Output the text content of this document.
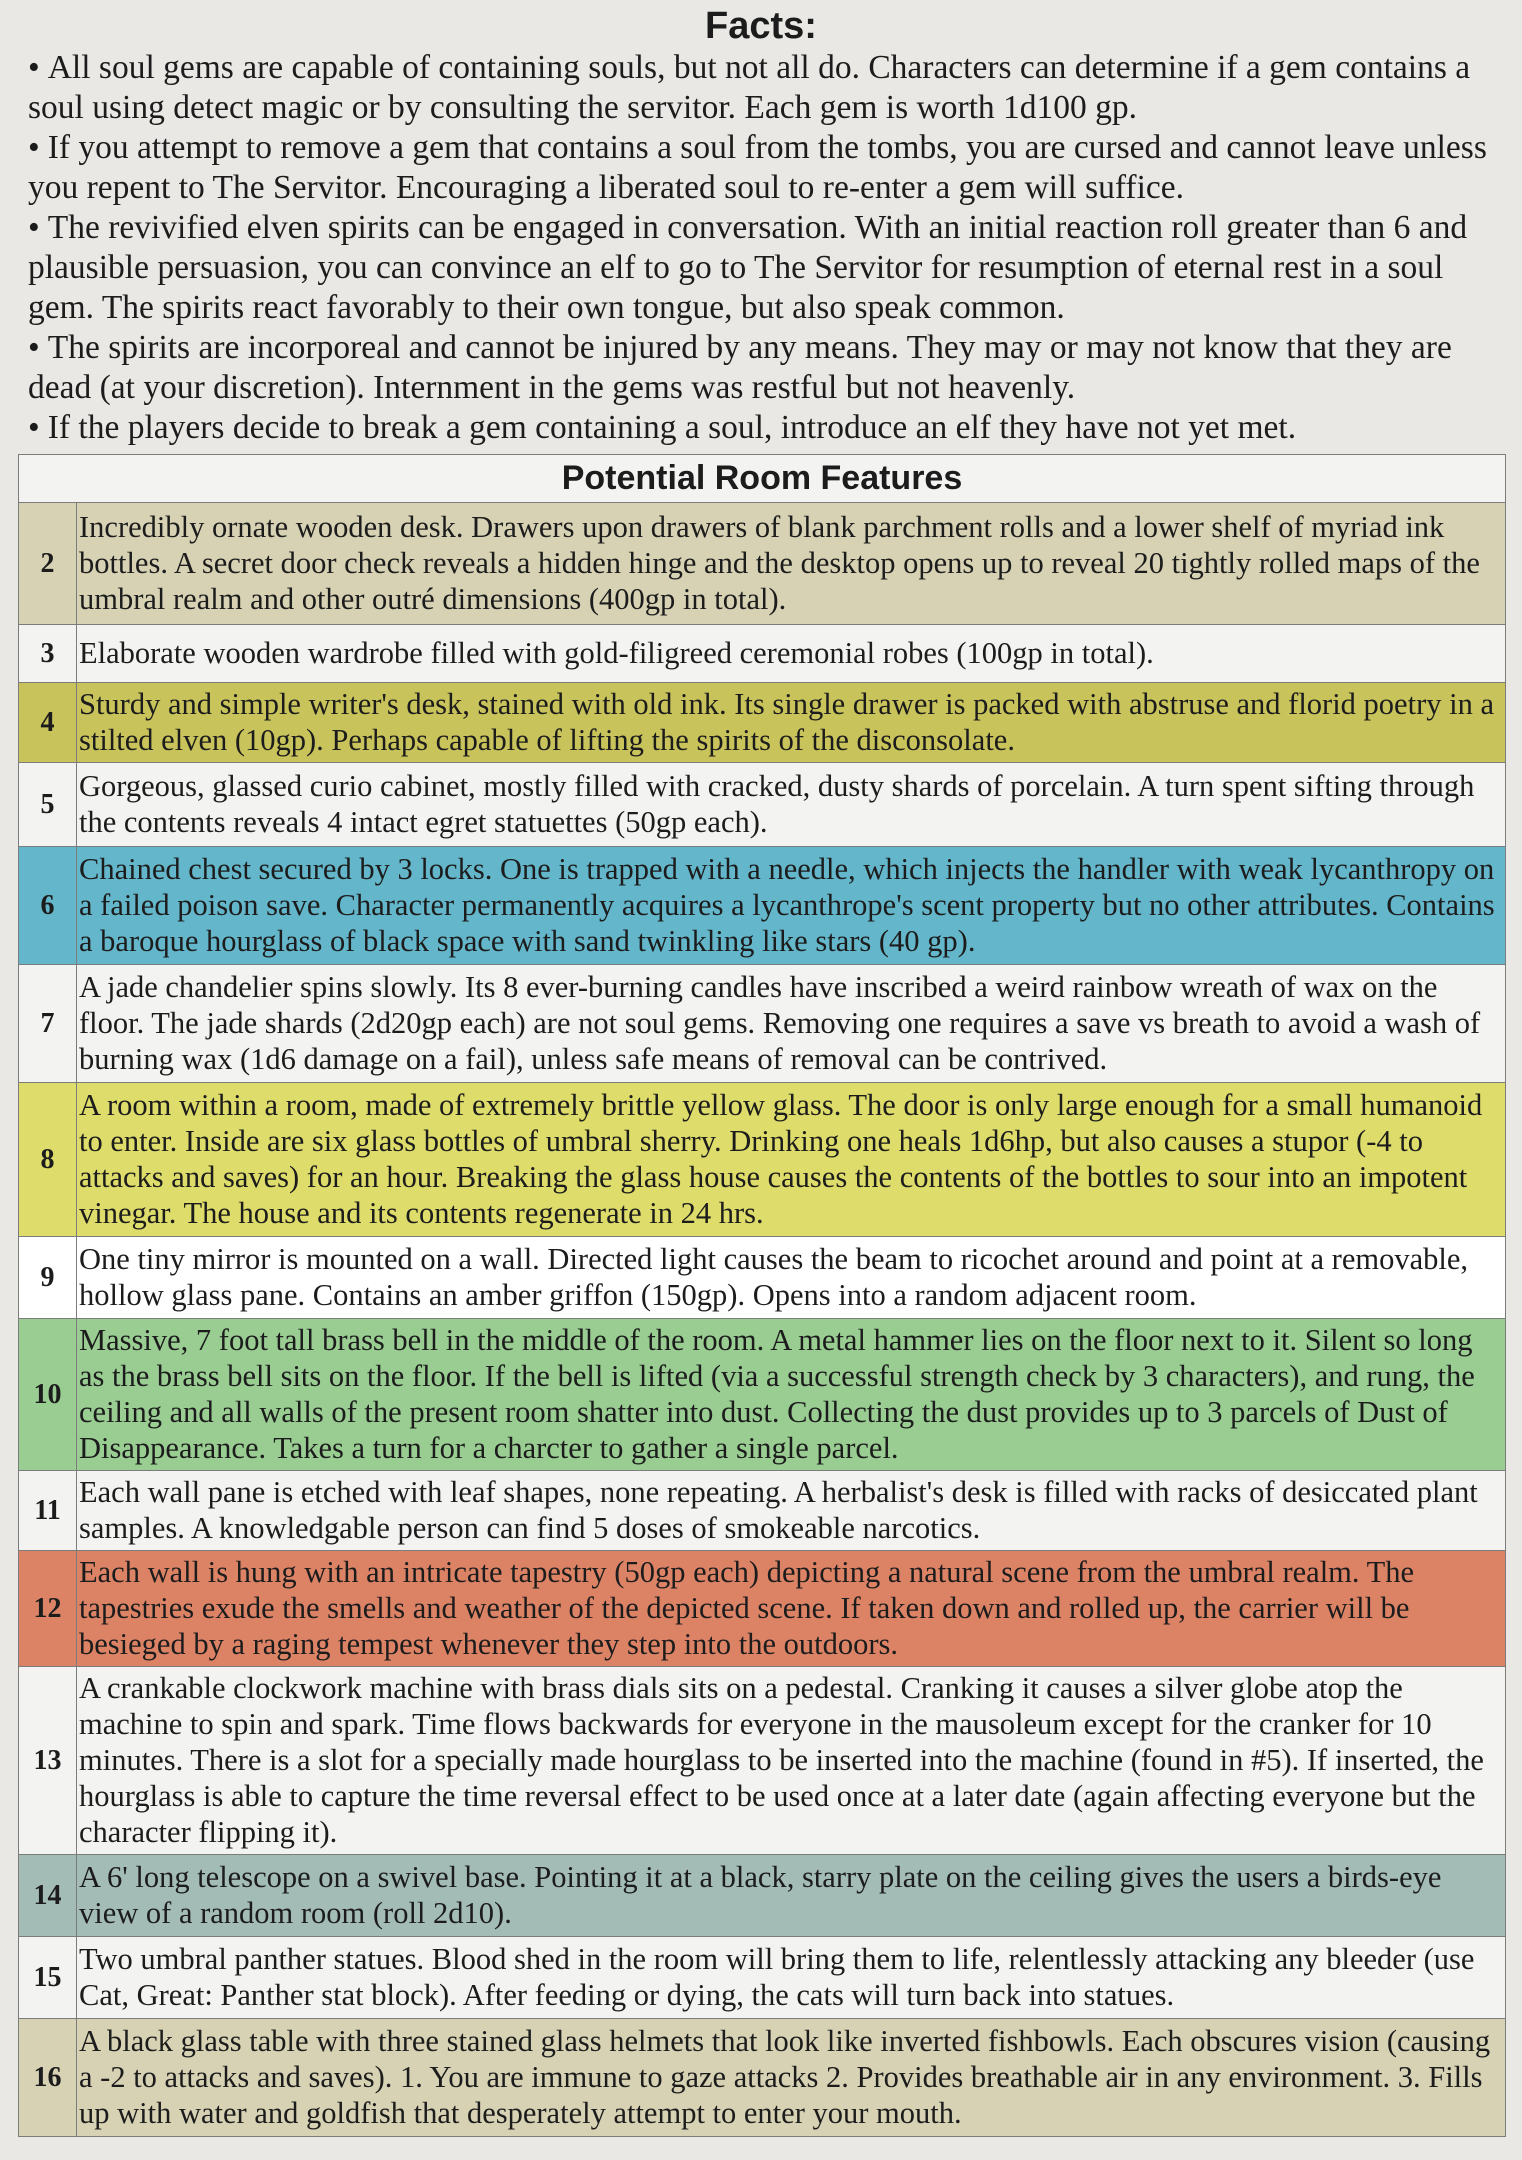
Facts:
• All soul gems are capable of containing souls, but not all do. Characters can determine if a gem contains a soul using detect magic or by consulting the servitor. Each gem is worth 1d100 gp.
• If you attempt to remove a gem that contains a soul from the tombs, you are cursed and cannot leave unless you repent to The Servitor. Encouraging a liberated soul to re-enter a gem will suffice.
• The revivified elven spirits can be engaged in conversation. With an initial reaction roll greater than 6 and plausible persuasion, you can convince an elf to go to The Servitor for resumption of eternal rest in a soul gem. The spirits react favorably to their own tongue, but also speak common.
• The spirits are incorporeal and cannot be injured by any means. They may or may not know that they are dead (at your discretion). Internment in the gems was restful but not heavenly.
• If the players decide to break a gem containing a soul, introduce an elf they have not yet met.
Potential Room Features	
2	Incredibly ornate wooden desk. Drawers upon drawers of blank parchment rolls and a lower shelf of myriad ink bottles. A secret door check reveals a hidden hinge and the desktop opens up to reveal 20 tightly rolled maps of the umbral realm and other outré dimensions (400gp in total).
3	Elaborate wooden wardrobe filled with gold-filigreed ceremonial robes (100gp in total).
4	Sturdy and simple writer's desk, stained with old ink. Its single drawer is packed with abstruse and florid poetry in a stilted elven (10gp). Perhaps capable of lifting the spirits of the disconsolate.
5	Gorgeous, glassed curio cabinet, mostly filled with cracked, dusty shards of porcelain. A turn spent sifting through the contents reveals 4 intact egret statuettes (50gp each).
6	Chained chest secured by 3 locks. One is trapped with a needle, which injects the handler with weak lycanthropy on a failed poison save. Character permanently acquires a lycanthrope's scent property but no other attributes. Contains a baroque hourglass of black space with sand twinkling like stars (40 gp).
7	A jade chandelier spins slowly. Its 8 ever-burning candles have inscribed a weird rainbow wreath of wax on the floor. The jade shards (2d20gp each) are not soul gems. Removing one requires a save vs breath to avoid a wash of burning wax (1d6 damage on a fail), unless safe means of removal can be contrived.
8	A room within a room, made of extremely brittle yellow glass. The door is only large enough for a small humanoid to enter. Inside are six glass bottles of umbral sherry. Drinking one heals 1d6hp, but also causes a stupor (-4 to attacks and saves) for an hour. Breaking the glass house causes the contents of the bottles to sour into an impotent vinegar. The house and its contents regenerate in 24 hrs.
9	One tiny mirror is mounted on a wall. Directed light causes the beam to ricochet around and point at a removable, hollow glass pane. Contains an amber griffon (150gp). Opens into a random adjacent room.
10	Massive, 7 foot tall brass bell in the middle of the room. A metal hammer lies on the floor next to it. Silent so long as the brass bell sits on the floor. If the bell is lifted (via a successful strength check by 3 characters), and rung, the ceiling and all walls of the present room shatter into dust. Collecting the dust provides up to 3 parcels of Dust of Disappearance. Takes a turn for a charcter to gather a single parcel.
11	Each wall pane is etched with leaf shapes, none repeating. A herbalist's desk is filled with racks of desiccated plant samples. A knowledgable person can find 5 doses of smokeable narcotics.
12	Each wall is hung with an intricate tapestry (50gp each) depicting a natural scene from the umbral realm. The tapestries exude the smells and weather of the depicted scene. If taken down and rolled up, the carrier will be besieged by a raging tempest whenever they step into the outdoors.
13	A crankable clockwork machine with brass dials sits on a pedestal. Cranking it causes a silver globe atop the machine to spin and spark. Time flows backwards for everyone in the mausoleum except for the cranker for 10 minutes. There is a slot for a specially made hourglass to be inserted into the machine (found in #5). If inserted, the hourglass is able to capture the time reversal effect to be used once at a later date (again affecting everyone but the character flipping it).
14	A 6' long telescope on a swivel base. Pointing it at a black, starry plate on the ceiling gives the users a birds-eye view of a random room (roll 2d10).
15	Two umbral panther statues. Blood shed in the room will bring them to life, relentlessly attacking any bleeder (use Cat, Great: Panther stat block). After feeding or dying, the cats will turn back into statues.
16	A black glass table with three stained glass helmets that look like inverted fishbowls. Each obscures vision (causing a -2 to attacks and saves). 1. You are immune to gaze attacks 2. Provides breathable air in any environment. 3. Fills up with water and goldfish that desperately attempt to enter your mouth.
